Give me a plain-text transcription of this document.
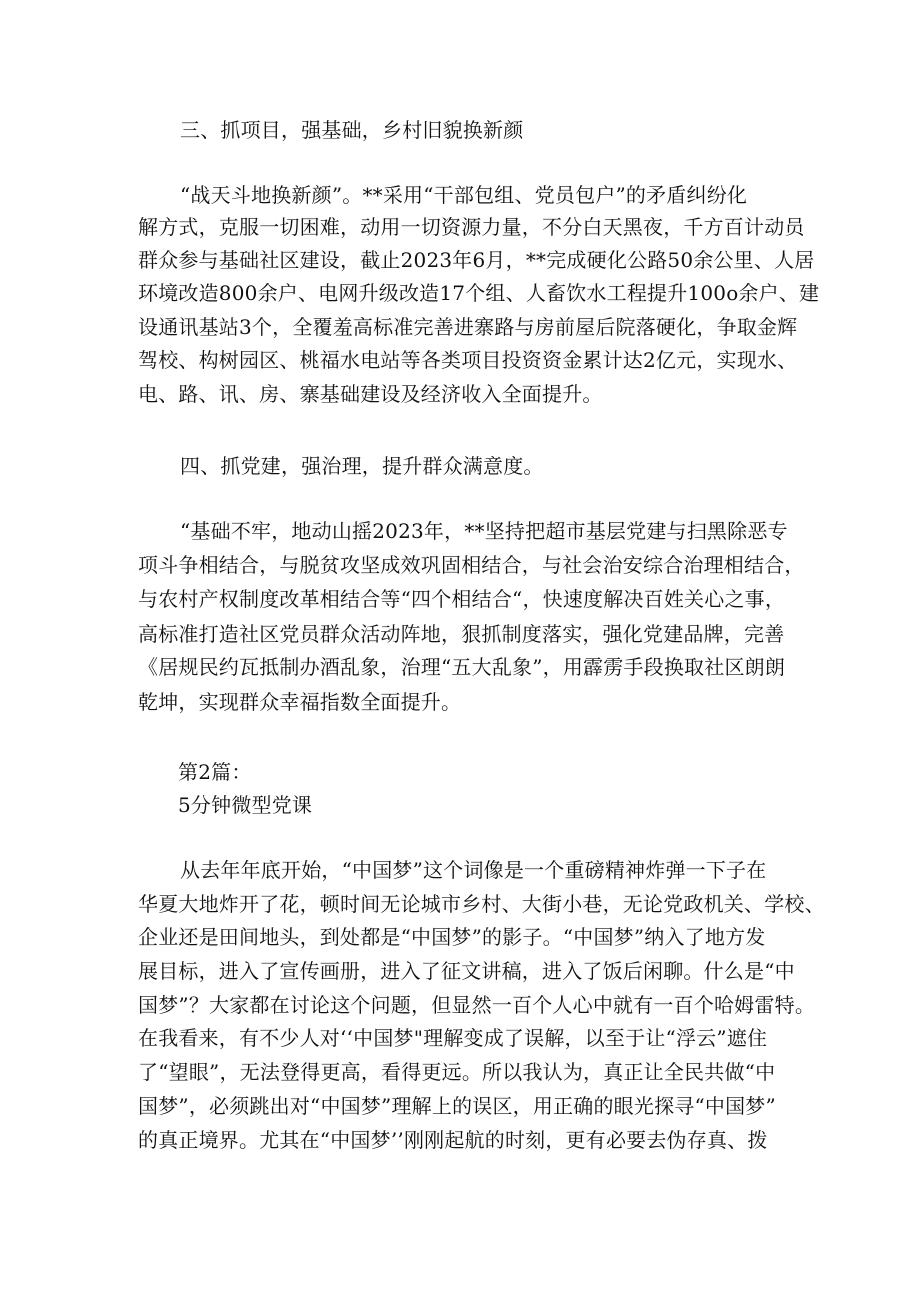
三、抓项目，强基础，乡村旧貌换新颜
“战天斗地换新颜”。**采用“干部包组、党员包户”的矛盾纠纷化
解方式，克服一切困难，动用一切资源力量，不分白天黑夜，千方百计动员
群众参与基础社区建设，截止2023年6月，**完成硬化公路50余公里、人居
环境改造800余户、电网升级改造17个组、人畜饮水工程提升100o余户、建
设通讯基站3个，全覆羞高标准完善进寨路与房前屋后院落硬化，争取金辉
驾校、构树园区、桃福水电站等各类项目投资资金累计达2亿元，实现水、
电、路、讯、房、寨基础建设及经济收入全面提升。
四、抓党建，强治理，提升群众满意度。
“基础不牢，地动山摇2023年，**坚持把超市基层党建与扫黑除恶专
项斗争相结合，与脱贫攻坚成效巩固相结合，与社会治安综合治理相结合，
与农村产权制度改革相结合等“四个相结合“，快速度解决百姓关心之事，
高标准打造社区党员群众活动阵地，狠抓制度落实，强化党建品牌，完善
《居规民约瓦抵制办酒乱象，治理“五大乱象”，用霹雳手段换取社区朗朗
乾坤，实现群众幸福指数全面提升。
第2篇：
5分钟微型党课
从去年年底开始，“中国梦”这个词像是一个重磅精神炸弹一下子在
华夏大地炸开了花，顿时间无论城市乡村、大街小巷，无论党政机关、学校、
企业还是田间地头，到处都是“中国梦”的影子。“中国梦”纳入了地方发
展目标，进入了宣传画册，进入了征文讲稿，进入了饭后闲聊。什么是“中
国梦”？大家都在讨论这个问题，但显然一百个人心中就有一百个哈姆雷特。
在我看来，有不少人对‘‘中国梦"理解变成了误解，以至于让“浮云”遮住
了“望眼”，无法登得更高，看得更远。所以我认为，真正让全民共做“中
国梦”，必须跳出对“中国梦”理解上的误区，用正确的眼光探寻“中国梦”
的真正境界。尤其在“中国梦’’刚刚起航的时刻，更有必要去伪存真、拨
